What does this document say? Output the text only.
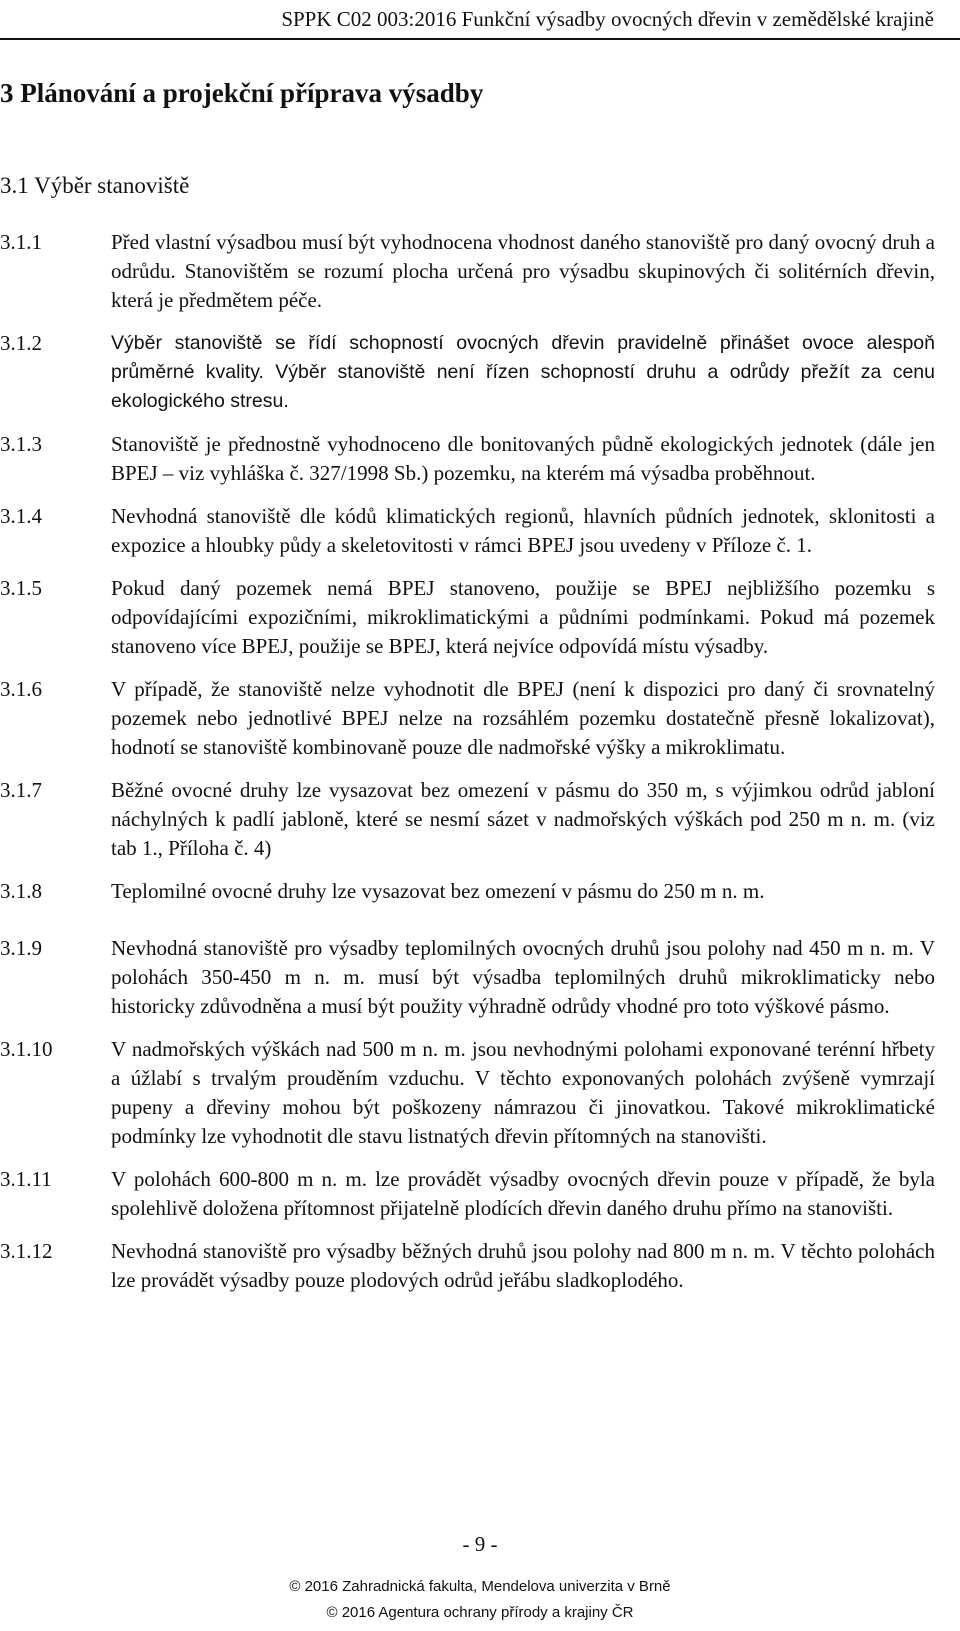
SPPK C02 003:2016 Funkční výsadby ovocných dřevin v zemědělské krajině
3 Plánování a projekční příprava výsadby
3.1 Výběr stanoviště
3.1.1	Před vlastní výsadbou musí být vyhodnocena vhodnost daného stanoviště pro daný ovocný druh a odrůdu. Stanovištěm se rozumí plocha určená pro výsadbu skupinových či solitérních dřevin, která je předmětem péče.
3.1.2	Výběr stanoviště se řídí schopností ovocných dřevin pravidelně přinášet ovoce alespoň průměrné kvality. Výběr stanoviště není řízen schopností druhu a odrůdy přežít za cenu ekologického stresu.
3.1.3	Stanoviště je přednostně vyhodnoceno dle bonitovaných půdně ekologických jednotek (dále jen BPEJ – viz vyhláška č. 327/1998 Sb.) pozemku, na kterém má výsadba proběhnout.
3.1.4	Nevhodná stanoviště dle kódů klimatických regionů, hlavních půdních jednotek, sklonitosti a expozice a hloubky půdy a skeletovitosti v rámci BPEJ jsou uvedeny v Příloze č. 1.
3.1.5	Pokud daný pozemek nemá BPEJ stanoveno, použije se BPEJ nejbližšího pozemku s odpovídajícími expozičními, mikroklimatickými a půdními podmínkami. Pokud má pozemek stanoveno více BPEJ, použije se BPEJ, která nejvíce odpovídá místu výsadby.
3.1.6	V případě, že stanoviště nelze vyhodnotit dle BPEJ (není k dispozici pro daný či srovnatelný pozemek nebo jednotlivé BPEJ nelze na rozsáhlém pozemku dostatečně přesně lokalizovat), hodnotí se stanoviště kombinovaně pouze dle nadmořské výšky a mikroklimatu.
3.1.7	Běžné ovocné druhy lze vysazovat bez omezení v pásmu do 350 m, s výjimkou odrůd jabloní náchylných k padlí jabloně, které se nesmí sázet v nadmořských výškách pod 250 m n. m. (viz tab 1., Příloha č. 4)
3.1.8	Teplomilné ovocné druhy lze vysazovat bez omezení v pásmu do 250 m n. m.
3.1.9	Nevhodná stanoviště pro výsadby teplomilných ovocných druhů jsou polohy nad 450 m n. m. V polohách 350-450 m n. m. musí být výsadba teplomilných druhů mikroklimaticky nebo historicky zdůvodněna a musí být použity výhradně odrůdy vhodné pro toto výškové pásmo.
3.1.10	V nadmořských výškách nad 500 m n. m. jsou nevhodnými polohami exponované terénní hřbety a úžlabí s trvalým prouděním vzduchu. V těchto exponovaných polohách zvýšeně vymrzají pupeny a dřeviny mohou být poškozeny námrazou či jinovatkou. Takové mikroklimatické podmínky lze vyhodnotit dle stavu listnatých dřevin přítomných na stanovišti.
3.1.11	V polohách 600-800 m n. m. lze provádět výsadby ovocných dřevin pouze v případě, že byla spolehlivě doložena přítomnost přijatelně plodících dřevin daného druhu přímo na stanovišti.
3.1.12	Nevhodná stanoviště pro výsadby běžných druhů jsou polohy nad 800 m n. m. V těchto polohách lze provádět výsadby pouze plodových odrůd jeřábu sladkoplodého.
- 9 -
© 2016 Zahradnická fakulta, Mendelova univerzita v Brně
© 2016 Agentura ochrany přírody a krajiny ČR
